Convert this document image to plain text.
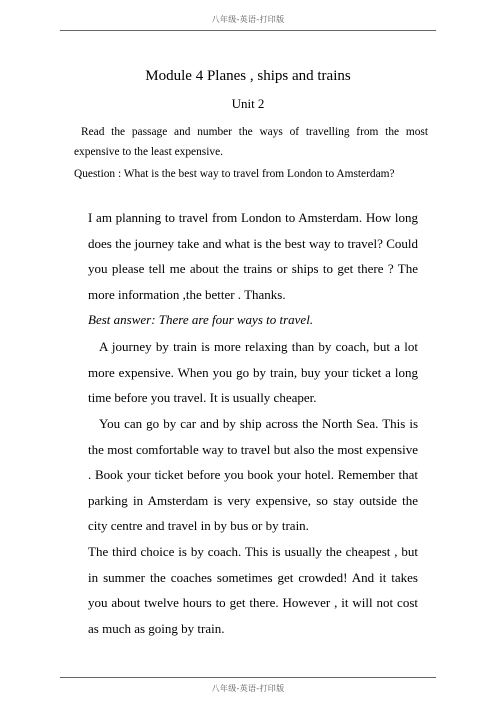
八年级-英语-打印版
Module 4 Planes , ships and trains
Unit 2
Read the passage and number the ways of travelling from the most expensive to the least expensive.
Question : What is the best way to travel from London to Amsterdam?
I am planning to travel from London to Amsterdam. How long does the journey take and what is the best way to travel? Could you please tell me about the trains or ships to get there ? The more information ,the better . Thanks.
Best answer: There are four ways to travel.
A journey by train is more relaxing than by coach, but a lot more expensive. When you go by train, buy your ticket a long time before you travel. It is usually cheaper.
You can go by car and by ship across the North Sea. This is the most comfortable way to travel but also the most expensive . Book your ticket before you book your hotel. Remember that parking in Amsterdam is very expensive, so stay outside the city centre and travel in by bus or by train.
The third choice is by coach. This is usually the cheapest , but in summer the coaches sometimes get crowded! And it takes you about twelve hours to get there. However , it will not cost as much as going by train.
八年级-英语-打印版
